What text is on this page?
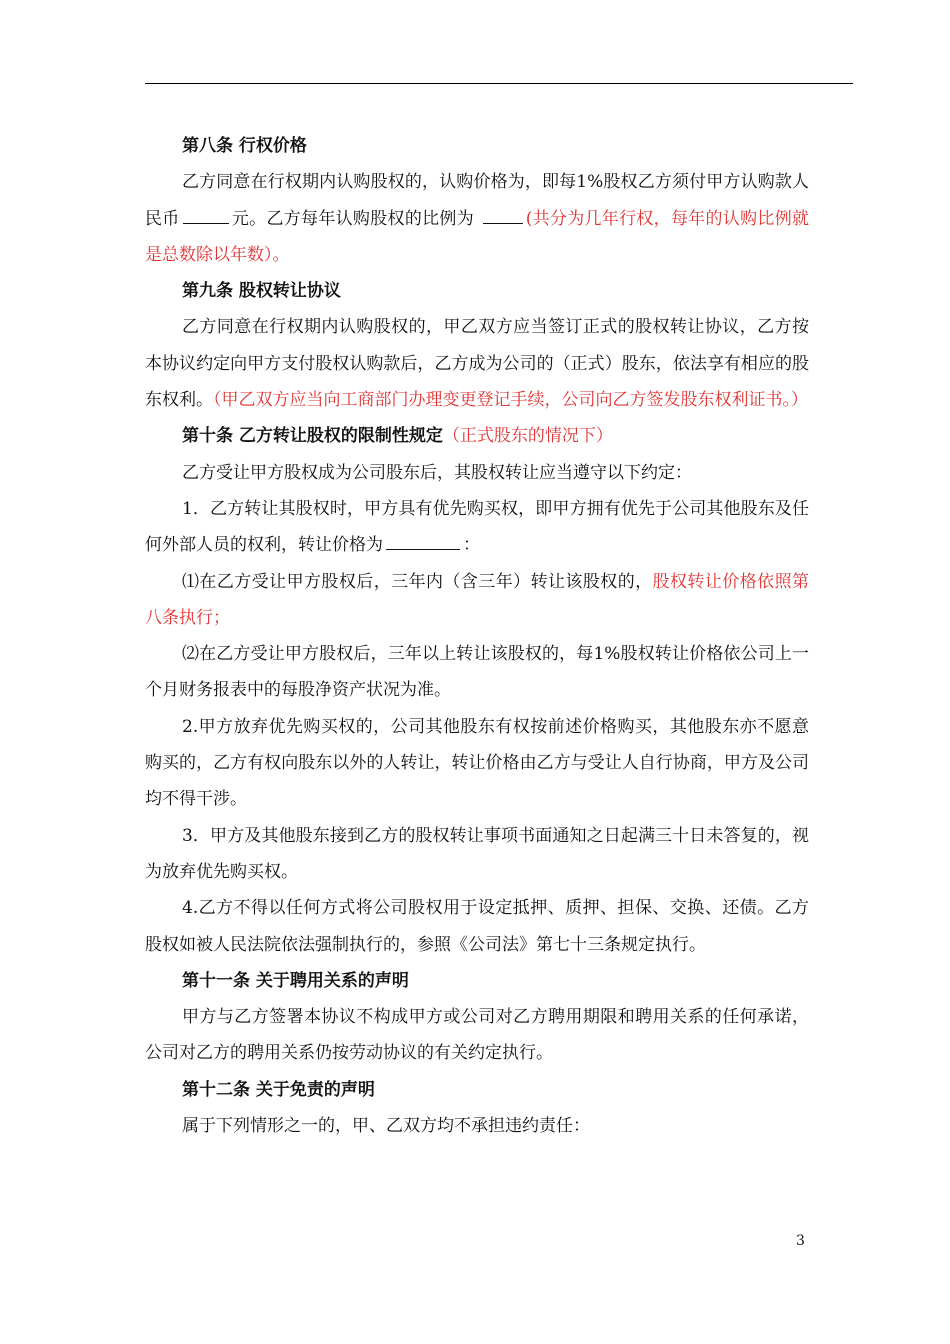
第八条 行权价格

乙方同意在行权期内认购股权的，认购价格为，即每1%股权乙方须付甲方认购款人民币	元。乙方每年认购股权的比例为	(共分为几年行权，每年的认购比例就是总数除以年数）。

第九条 股权转让协议

乙方同意在行权期内认购股权的，甲乙双方应当签订正式的股权转让协议，乙方按本协议约定向甲方支付股权认购款后，乙方成为公司的（正式）股东，依法享有相应的股东权利。（甲乙双方应当向工商部门办理变更登记手续，公司向乙方签发股东权利证书。）

第十条 乙方转让股权的限制性规定（正式股东的情况下）

乙方受让甲方股权成为公司股东后，其股权转让应当遵守以下约定：

1．乙方转让其股权时，甲方具有优先购买权，即甲方拥有优先于公司其他股东及任何外部人员的权利，转让价格为	：

⑴在乙方受让甲方股权后，三年内（含三年）转让该股权的，股权转让价格依照第八条执行；

⑵在乙方受让甲方股权后，三年以上转让该股权的，每1%股权转让价格依公司上一个月财务报表中的每股净资产状况为准。

2.甲方放弃优先购买权的，公司其他股东有权按前述价格购买，其他股东亦不愿意购买的，乙方有权向股东以外的人转让，转让价格由乙方与受让人自行协商，甲方及公司均不得干涉。

3．甲方及其他股东接到乙方的股权转让事项书面通知之日起满三十日未答复的，视为放弃优先购买权。

4.乙方不得以任何方式将公司股权用于设定抵押、质押、担保、交换、还债。乙方股权如被人民法院依法强制执行的，参照《公司法》第七十三条规定执行。

第十一条 关于聘用关系的声明

甲方与乙方签署本协议不构成甲方或公司对乙方聘用期限和聘用关系的任何承诺，公司对乙方的聘用关系仍按劳动协议的有关约定执行。

第十二条 关于免责的声明

属于下列情形之一的，甲、乙双方均不承担违约责任：

3
